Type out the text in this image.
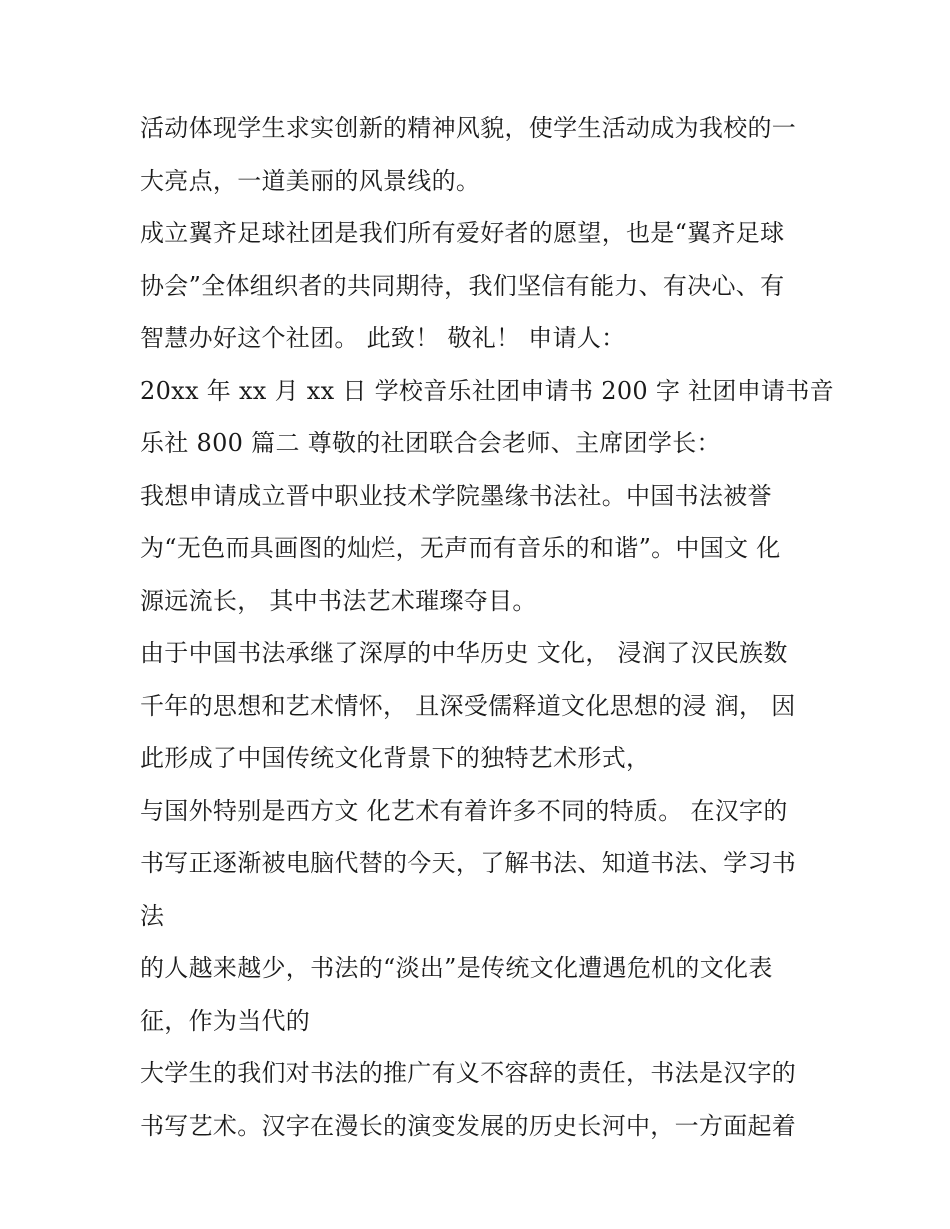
活动体现学生求实创新的精神风貌，使学生活动成为我校的一
大亮点，一道美丽的风景线的。
成立翼齐足球社团是我们所有爱好者的愿望，也是“翼齐足球
协会”全体组织者的共同期待，我们坚信有能力、有决心、有
智慧办好这个社团。 此致！ 敬礼！ 申请人：
20xx 年 xx 月 xx 日 学校音乐社团申请书 200 字 社团申请书音
乐社 800 篇二 尊敬的社团联合会老师、主席团学长：
我想申请成立晋中职业技术学院墨缘书法社。中国书法被誉
为“无色而具画图的灿烂，无声而有音乐的和谐”。中国文 化
源远流长， 其中书法艺术璀璨夺目。
由于中国书法承继了深厚的中华历史 文化， 浸润了汉民族数
千年的思想和艺术情怀， 且深受儒释道文化思想的浸 润， 因
此形成了中国传统文化背景下的独特艺术形式，
与国外特别是西方文 化艺术有着许多不同的特质。 在汉字的
书写正逐渐被电脑代替的今天，了解书法、知道书法、学习书
法
的人越来越少，书法的“淡出”是传统文化遭遇危机的文化表
征，作为当代的
大学生的我们对书法的推广有义不容辞的责任，书法是汉字的
书写艺术。汉字在漫长的演变发展的历史长河中，一方面起着
